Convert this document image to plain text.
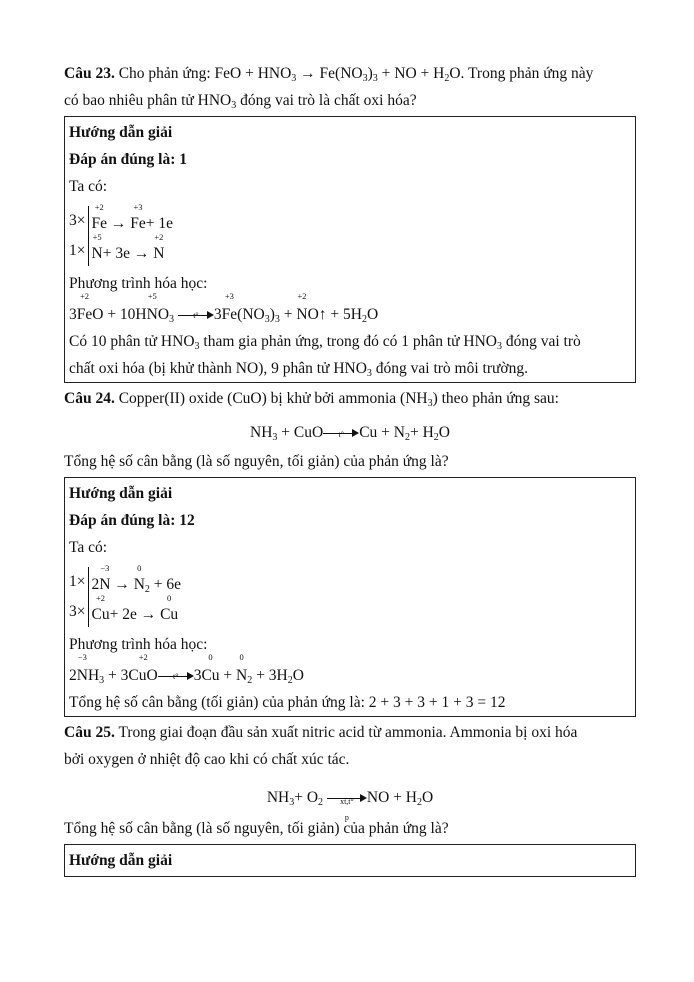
Câu 23. Cho phản ứng: FeO + $HNO_3 \to Fe(NO_3)_3$ + NO + $H_2O$. Trong phản ứng này

có bao nhiêu phân tử $HNO_3$ đóng vai trò là chất oxi hóa?

Hướng dẫn giải

Đáp án đúng là: 1

Ta có:

3×
1×
+2
Fe →
+3
Fe+ 1e
+5
N+ 3e →
+2
N

Phương trình hóa học:

3
+2
FeO + 10H
+5
$NO_3$	t° 3
+3
$Fe(NO_3)_3$ +
+2
NO↑ + $5H_2O$

Có 10 phân tử $HNO_3$ tham gia phản ứng, trong đó có 1 phân tử $HNO_3$ đóng vai trò

chất oxi hóa (bị khử thành NO), 9 phân tử $HNO_3$ đóng vai trò môi trường.

Câu 24. Copper(II) oxide (CuO) bị khử bởi ammonia $(NH_3)$ theo phản ứng sau:

$NH_3$ + CuO	t° $Cu + N_2+ H_2O$

Tổng hệ số cân bằng (là số nguyên, tối giản) của phản ứng là?

Hướng dẫn giải

Đáp án đúng là: 12

Ta có:

1×
3×
2
−3
N →
0
$N_2 + 6e$
+2
Cu+ 2e →
0
Cu

Phương trình hóa học:

2
−3
$NH_3 + 3C$
+2
uO	t° 3
0
Cu +
0
$N_2 + 3H_2O$

Tổng hệ số cân bằng (tối giản) của phản ứng là: 2 + 3 + 3 + 1 + 3 = 12

Câu 25. Trong giai đoạn đầu sản xuất nitric acid từ ammonia. Ammonia bị oxi hóa

bởi oxygen ở nhiệt độ cao khi có chất xúc tác.

$NH_3+ O_2$	xt,t°
p
NO + $H_2O$

Tổng hệ số cân bằng (là số nguyên, tối giản) của phản ứng là?

Hướng dẫn giải
